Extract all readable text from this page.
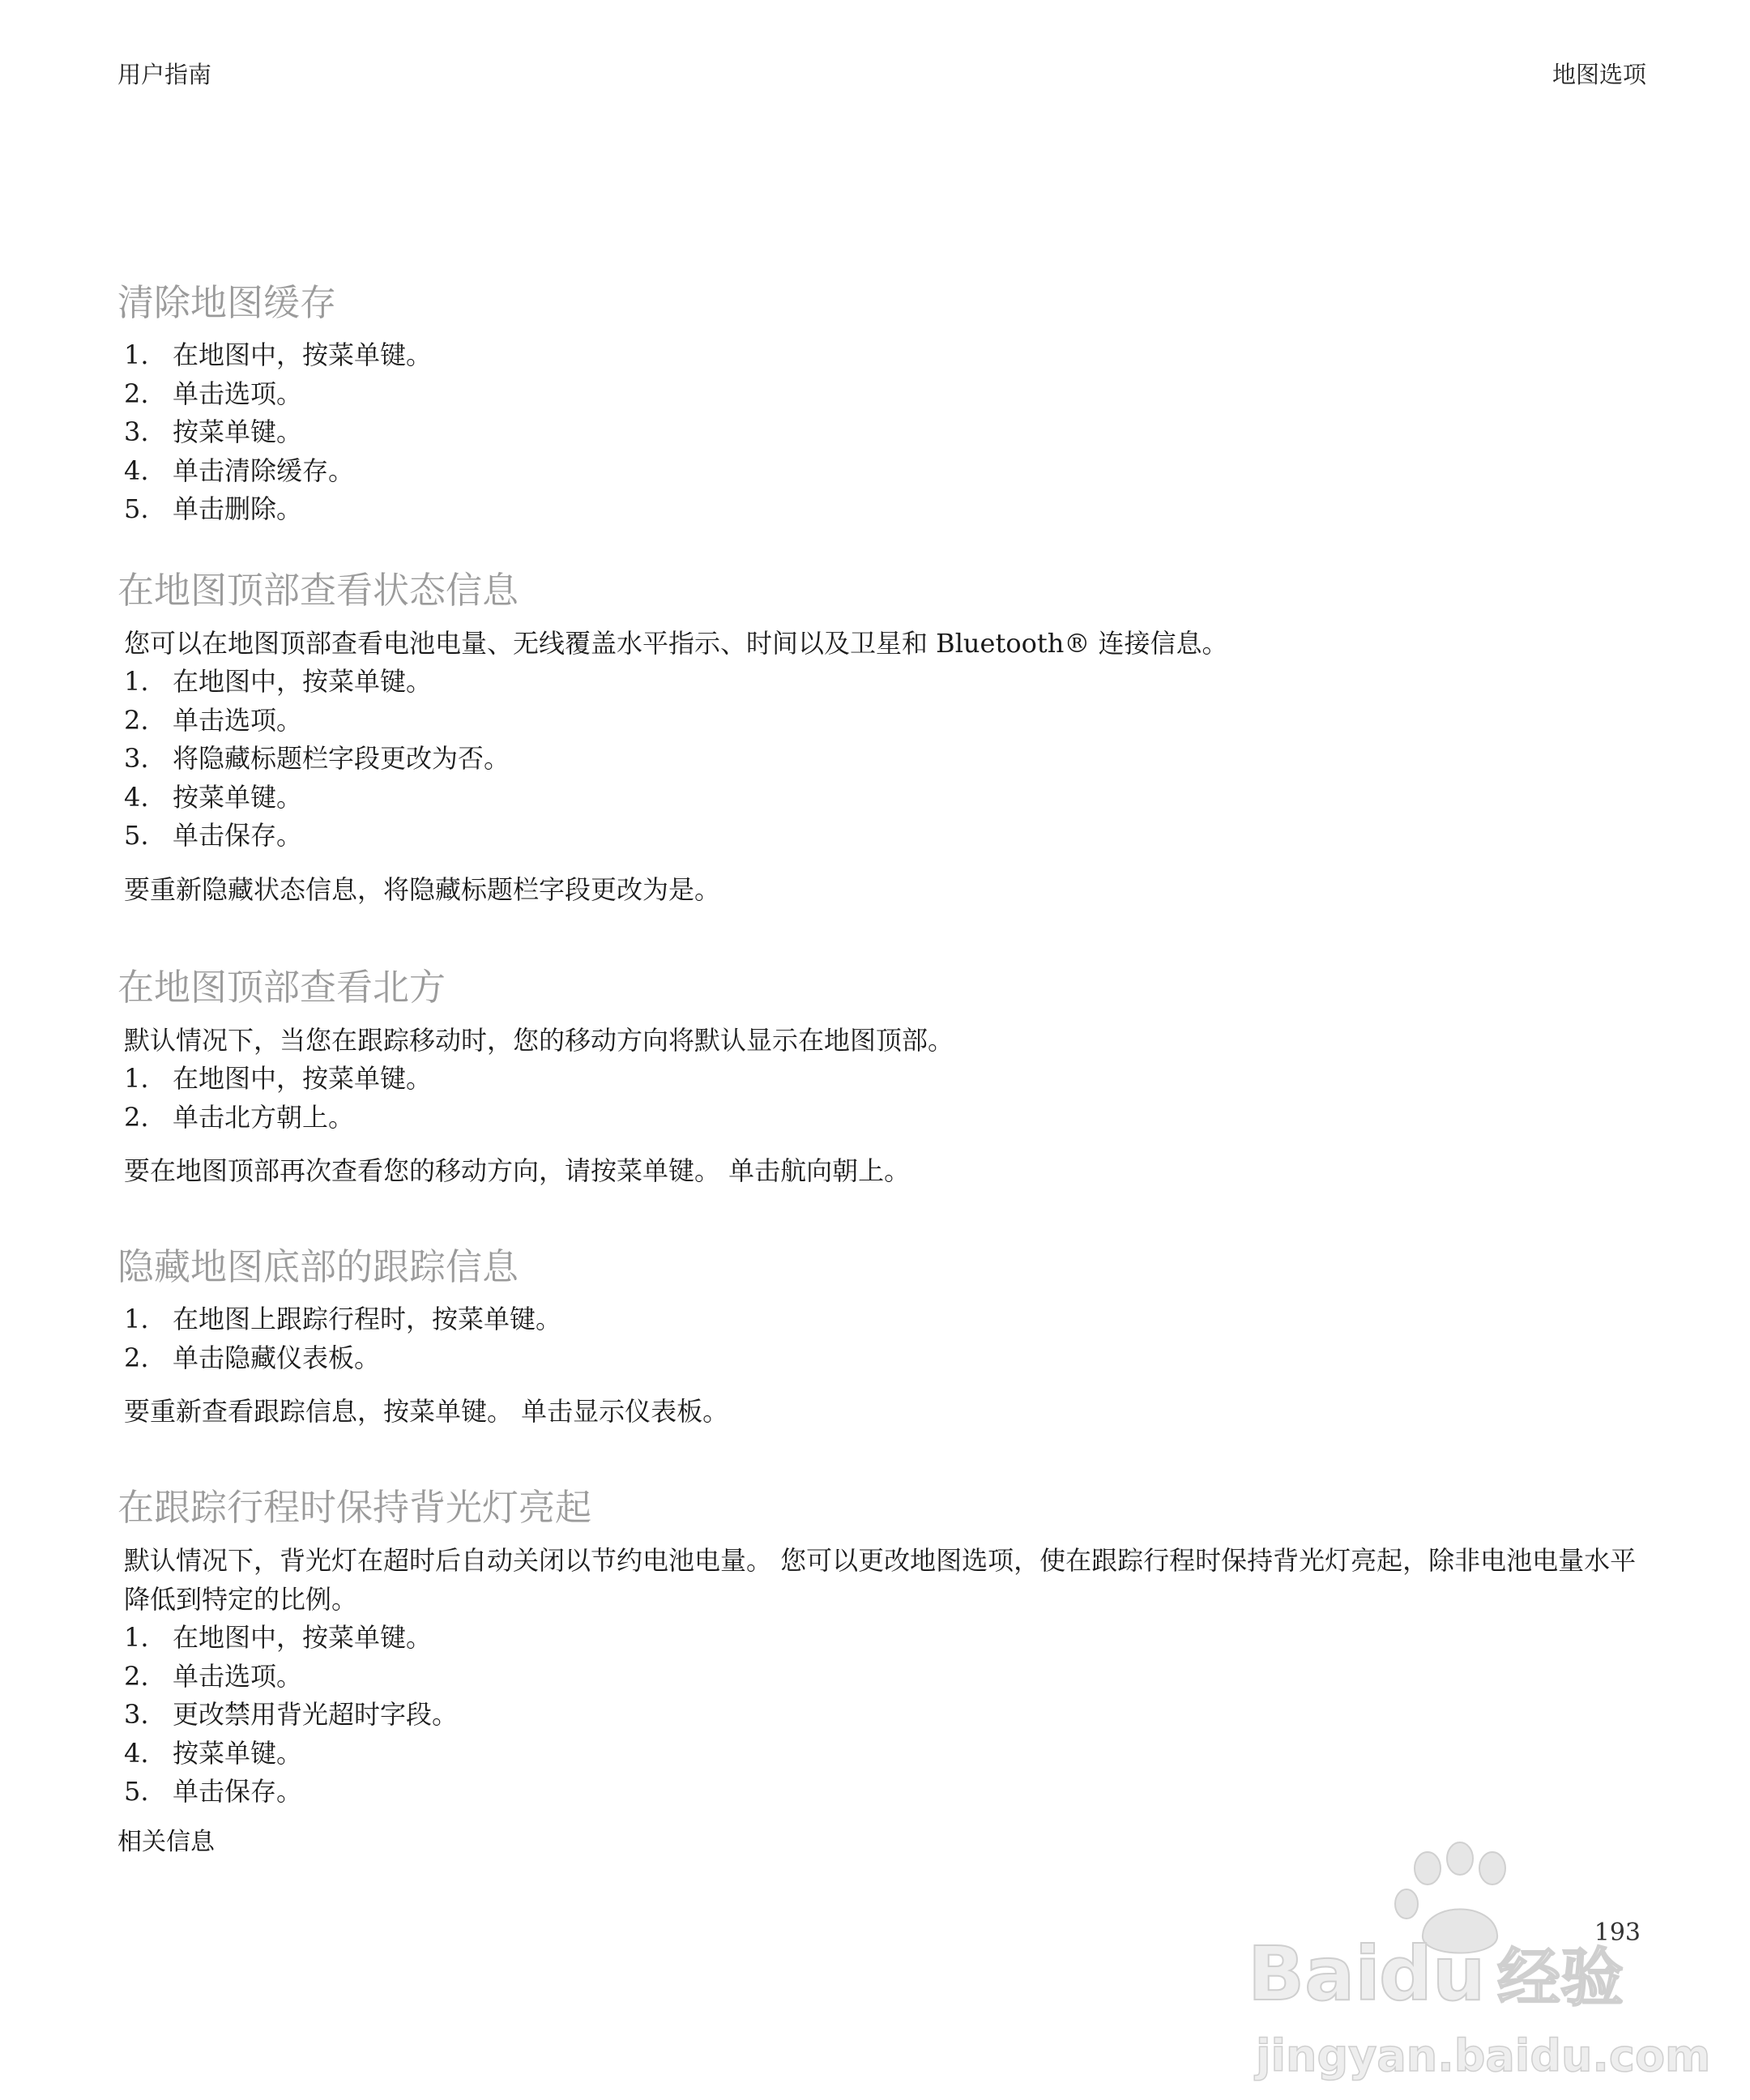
用户指南	地图选项
清除地图缓存
1. 在地图中，按菜单键。
2. 单击选项。
3. 按菜单键。
4. 单击清除缓存。
5. 单击删除。
在地图顶部查看状态信息

您可以在地图顶部查看电池电量、无线覆盖水平指示、时间以及卫星和 Bluetooth® 连接信息。

1. 在地图中，按菜单键。
2. 单击选项。
3. 将隐藏标题栏字段更改为否。
4. 按菜单键。
5. 单击保存。

要重新隐藏状态信息，将隐藏标题栏字段更改为是。

在地图顶部查看北方

默认情况下，当您在跟踪移动时，您的移动方向将默认显示在地图顶部。

1. 在地图中，按菜单键。
2. 单击北方朝上。

要在地图顶部再次查看您的移动方向，请按菜单键。 单击航向朝上。

隐藏地图底部的跟踪信息
1. 在地图上跟踪行程时，按菜单键。
2. 单击隐藏仪表板。

要重新查看跟踪信息，按菜单键。 单击显示仪表板。

在跟踪行程时保持背光灯亮起

默认情况下，背光灯在超时后自动关闭以节约电池电量。 您可以更改地图选项，使在跟踪行程时保持背光灯亮起，除非电池电量水平降低到特定的比例。

1. 在地图中，按菜单键。
2. 单击选项。
3. 更改禁用背光超时字段。
4. 按菜单键。
5. 单击保存。
相关信息
193
Bai
du 经验
jingyan.baidu.com
